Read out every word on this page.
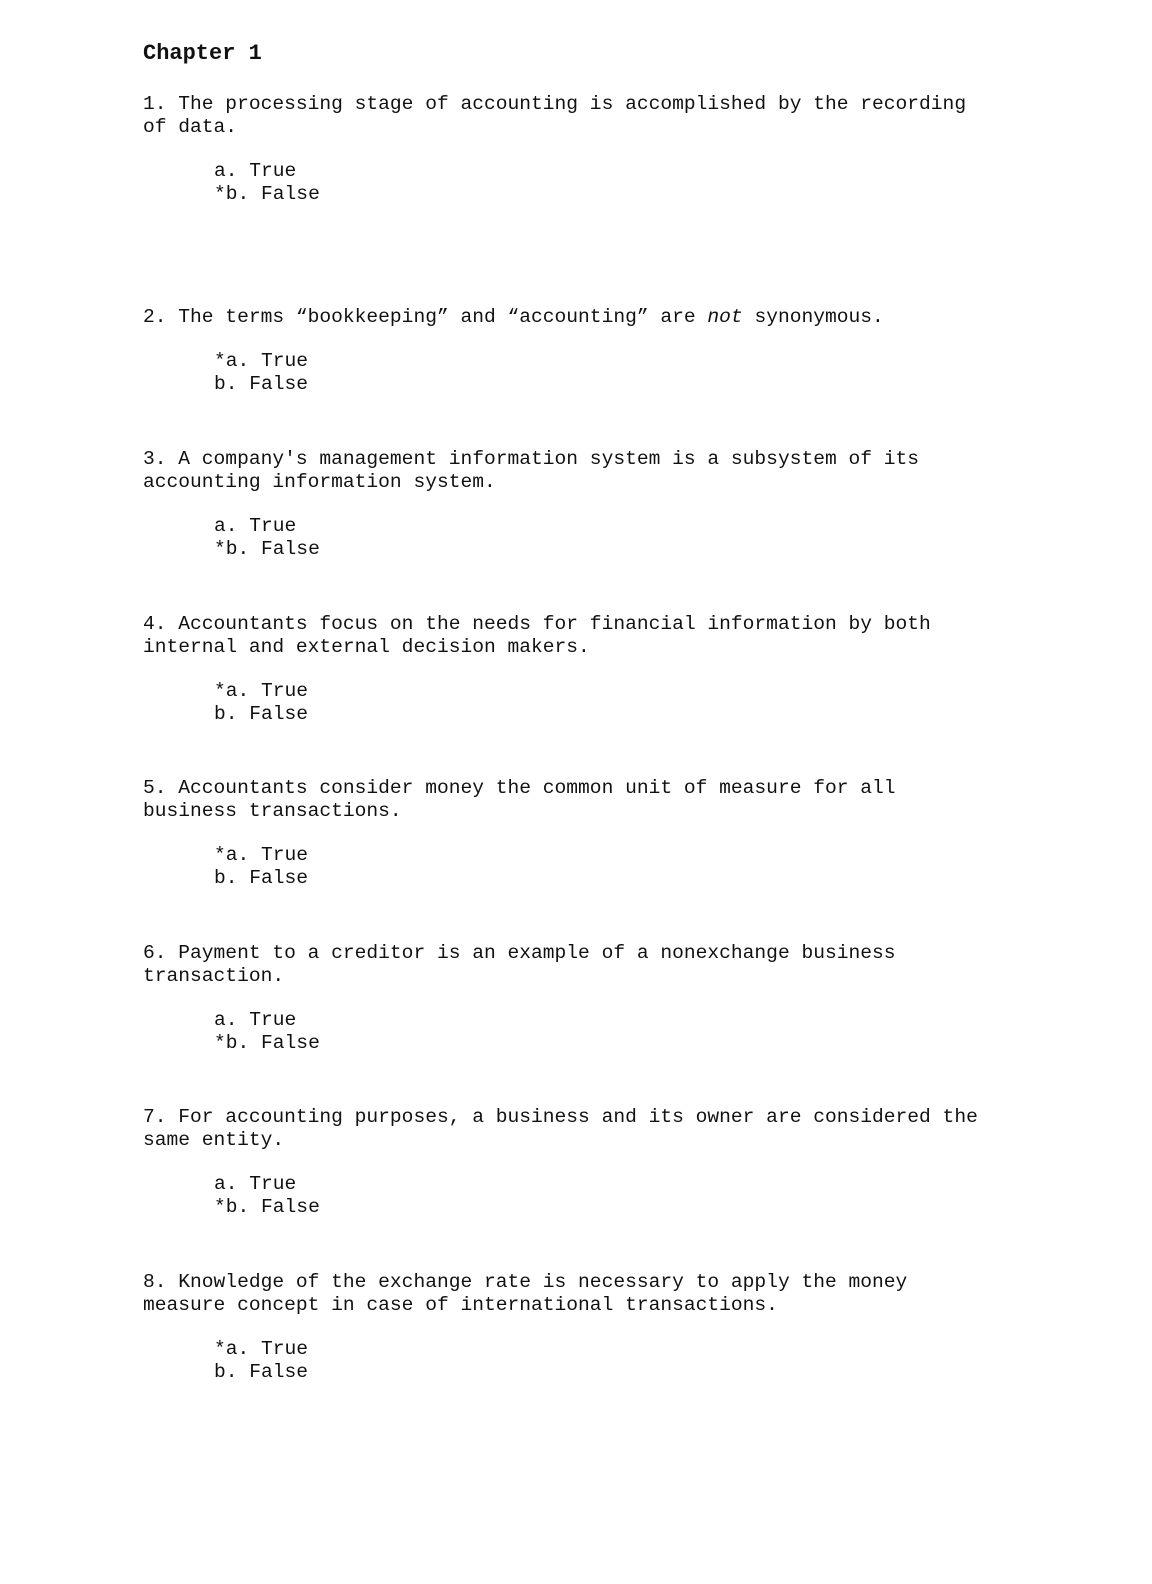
Chapter 1

1. The processing stage of accounting is accomplished by the recording
of data.

a. True
*b. False

2. The terms “bookkeeping” and “accounting” are not synonymous.

*a. True
b. False

3. A company's management information system is a subsystem of its
accounting information system.

a. True
*b. False

4. Accountants focus on the needs for financial information by both
internal and external decision makers.

*a. True
b. False

5. Accountants consider money the common unit of measure for all
business transactions.

*a. True
b. False

6. Payment to a creditor is an example of a nonexchange business
transaction.

a. True
*b. False

7. For accounting purposes, a business and its owner are considered the
same entity.

a. True
*b. False

8. Knowledge of the exchange rate is necessary to apply the money
measure concept in case of international transactions.

*a. True
b. False
